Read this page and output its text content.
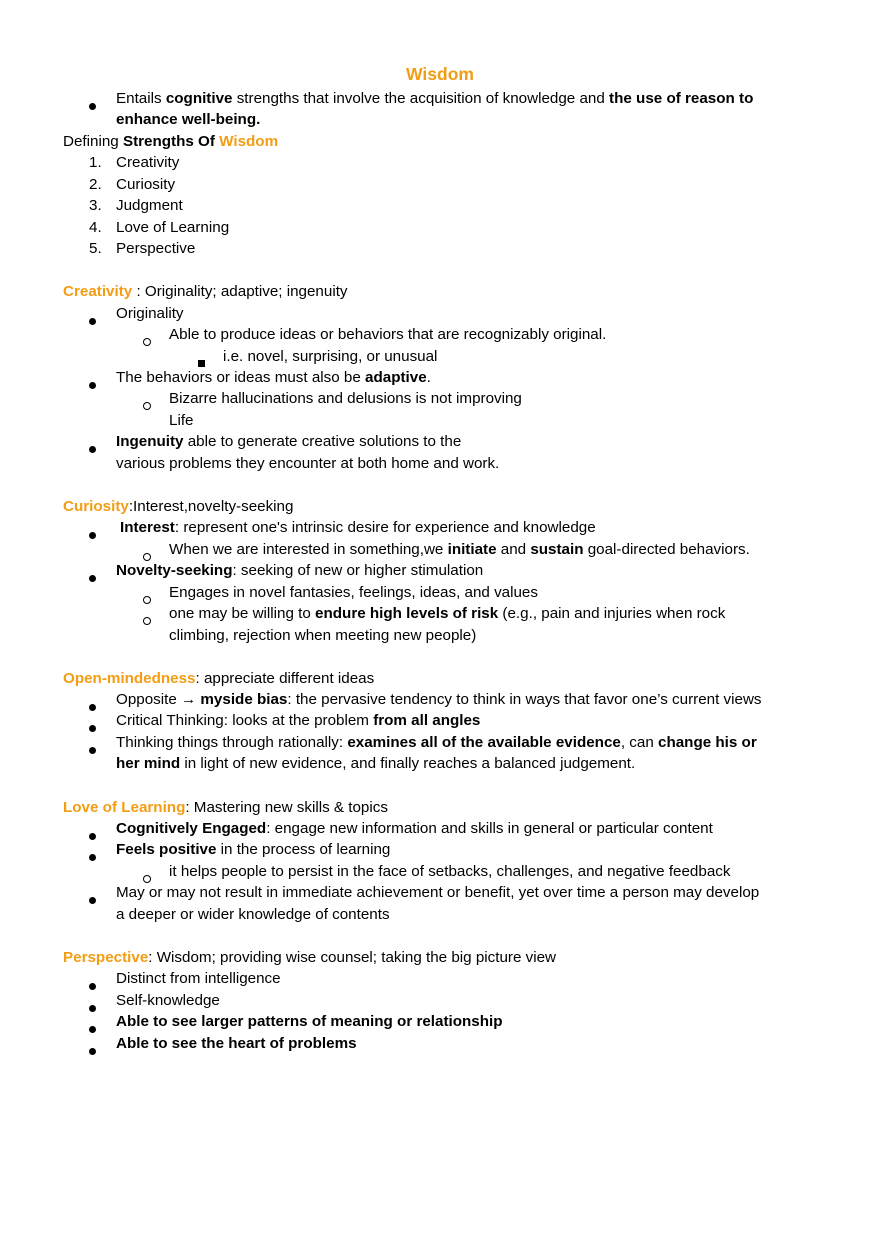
Wisdom
Entails cognitive strengths that involve the acquisition of knowledge and the use of reason to
enhance well-being.
Defining Strengths Of Wisdom
1. Creativity
2. Curiosity
3. Judgment
4. Love of Learning
5. Perspective
Creativity : Originality; adaptive; ingenuity
Originality
Able to produce ideas or behaviors that are recognizably original.
i.e. novel, surprising, or unusual
The behaviors or ideas must also be adaptive.
Bizarre hallucinations and delusions is not improving
Life
Ingenuity able to generate creative solutions to the
various problems they encounter at both home and work.
Curiosity:Interest,novelty-seeking
Interest: represent one's intrinsic desire for experience and knowledge
When we are interested in something,we initiate and sustain goal-directed behaviors.
Novelty-seeking: seeking of new or higher stimulation
Engages in novel fantasies, feelings, ideas, and values
one may be willing to endure high levels of risk (e.g., pain and injuries when rock
climbing, rejection when meeting new people)
Open-mindedness: appreciate different ideas
Opposite → myside bias: the pervasive tendency to think in ways that favor one’s current views
Critical Thinking: looks at the problem from all angles
Thinking things through rationally: examines all of the available evidence, can change his or
her mind in light of new evidence, and finally reaches a balanced judgement.
Love of Learning: Mastering new skills & topics
Cognitively Engaged: engage new information and skills in general or particular content
Feels positive in the process of learning
it helps people to persist in the face of setbacks, challenges, and negative feedback
May or may not result in immediate achievement or benefit, yet over time a person may develop
a deeper or wider knowledge of contents
Perspective: Wisdom; providing wise counsel; taking the big picture view
Distinct from intelligence
Self-knowledge
Able to see larger patterns of meaning or relationship
Able to see the heart of problems
